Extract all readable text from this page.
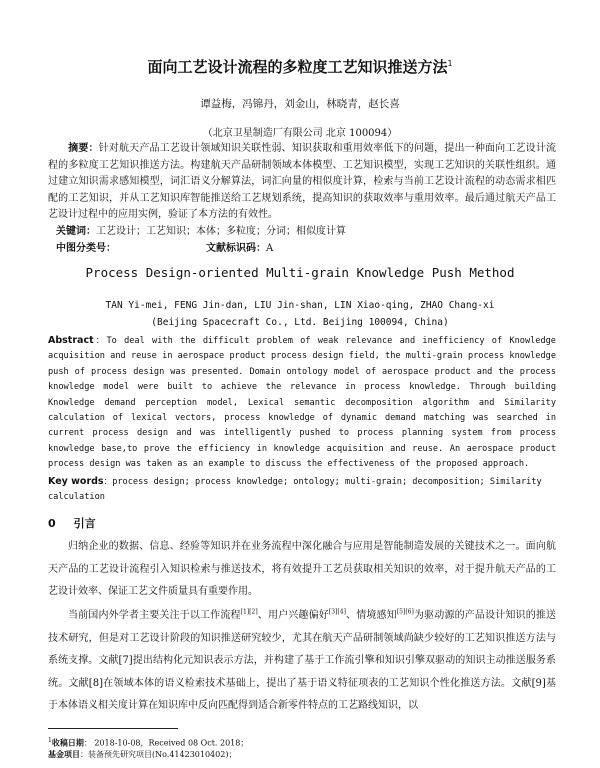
面向工艺设计流程的多粒度工艺知识推送方法$^1$
谭益梅，冯锦丹，刘金山，林晓青，赵长喜
（北京卫星制造厂有限公司 北京 100094）
摘要：针对航天产品工艺设计领域知识关联性弱、知识获取和重用效率低下的问题，提出一种面向工艺设计流程的多粒度工艺知识推送方法。构建航天产品研制领域本体模型、工艺知识模型，实现工艺知识的关联性组织。通过建立知识需求感知模型，词汇语义分解算法，词汇向量的相似度计算，检索与当前工艺设计流程的动态需求相匹配的工艺知识，并从工艺知识库智能推送给工艺规划系统，提高知识的获取效率与重用效率。最后通过航天产品工艺设计过程中的应用实例，验证了本方法的有效性。
关键词：工艺设计；工艺知识；本体；多粒度；分词；相似度计算
中图分类号：	文献标识码：A
Process Design-oriented Multi-grain Knowledge Push Method
TAN Yi-mei, FENG Jin-dan, LIU Jin-shan, LIN Xiao-qing, ZHAO Chang-xi
(Beijing Spacecraft Co., Ltd. Beijing 100094, China)
Abstract：To deal with the difficult problem of weak relevance and inefficiency of Knowledge acquisition and reuse in aerospace product process design field, the multi-grain process knowledge push of process design was presented. Domain ontology model of aerospace product and the process knowledge model were built to achieve the relevance in process knowledge. Through building Knowledge demand perception model, Lexical semantic decomposition algorithm and Similarity calculation of lexical vectors, process knowledge of dynamic demand matching was searched in current process design and was intelligently pushed to process planning system from process knowledge base,to prove the efficiency in knowledge acquisition and reuse. An aerospace product process design was taken as an example to discuss the effectiveness of the proposed approach.
Key words：process design; process knowledge; ontology; multi-grain; decomposition; Similarity calculation
0 引言
归纳企业的数据、信息、经验等知识并在业务流程中深化融合与应用是智能制造发展的关键技术之一。面向航天产品的工艺设计流程引入知识检索与推送技术，将有效提升工艺员获取相关知识的效率，对于提升航天产品的工艺设计效率、保证工艺文件质量具有重要作用。
当前国内外学者主要关注于以工作流程[1][2]、用户兴趣偏好[3][4]、情境感知[5][6]为驱动源的产品设计知识的推送技术研究，但是对工艺设计阶段的知识推送研究较少，尤其在航天产品研制领域尚缺少较好的工艺知识推送方法与系统支撑。文献[7]提出结构化元知识表示方法，并构建了基于工作流引擎和知识引擎双驱动的知识主动推送服务系统。文献[8]在领域本体的语义检索技术基础上，提出了基于语义特征项表的工艺知识个性化推送方法。文献[9]基于本体语义相关度计算在知识库中反向匹配得到适合新零件特点的工艺路线知识，以
$^1$收稿日期： 2018-10-08，Received 08 Oct. 2018；
基金项目：装备预先研究项目(No.41423010402)；
